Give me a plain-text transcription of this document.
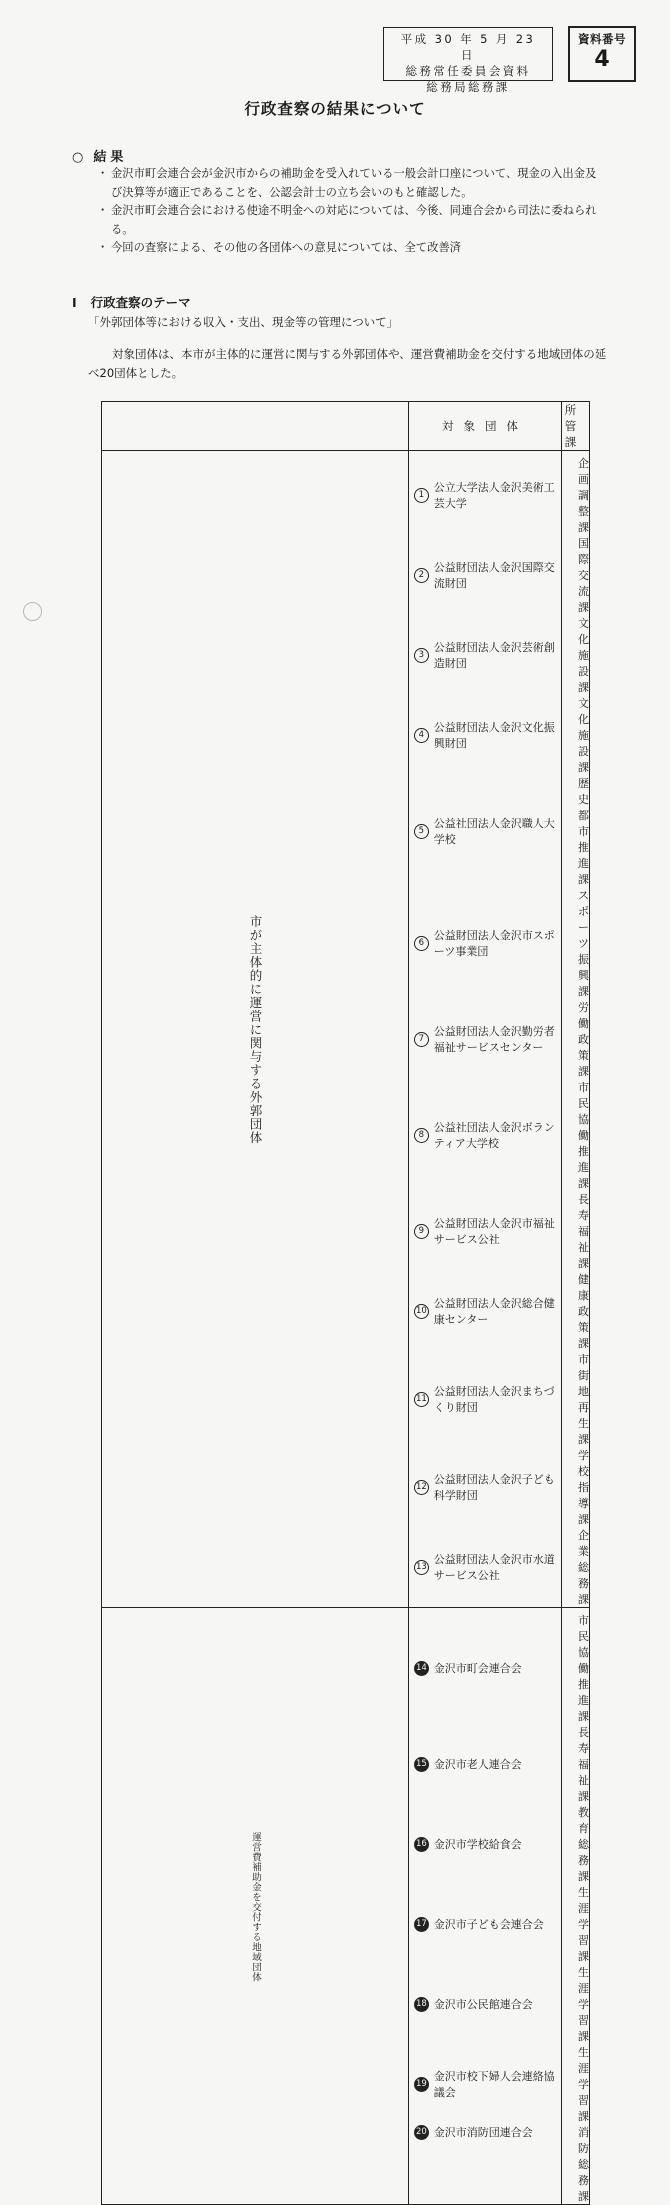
平成 30 年 5 月 23 日
総務常任委員会資料
総務局総務課
資料番号
4
行政査察の結果について
○ 結果
・ 金沢市町会連合会が金沢市からの補助金を受入れている一般会計口座について、現金の入出金及び決算等が適正であることを、公認会計士の立ち会いのもと確認した。
・ 金沢市町会連合会における使途不明金への対応については、今後、同連合会から司法に委ねられる。
・ 今回の査察による、その他の各団体への意見については、全て改善済
Ⅰ 行政査察のテーマ
「外郭団体等における収入・支出、現金等の管理について」
対象団体は、本市が主体的に運営に関与する外郭団体や、運営費補助金を交付する地域団体の延べ20団体とした。
	対象団体		所管課
市が主体的に運営に関与する外郭団体	1	公立大学法人金沢美術工芸大学	企画調整課
	2	公益財団法人金沢国際交流財団	国際交流課
	3	公益財団法人金沢芸術創造財団	文化施設課
	4	公益財団法人金沢文化振興財団	文化施設課
	5	公益社団法人金沢職人大学校	歴史都市推進課
	6	公益財団法人金沢市スポーツ事業団	スポーツ振興課
	7	公益財団法人金沢勤労者福祉サービスセンター	労働政策課
	8	公益社団法人金沢ボランティア大学校	市民協働推進課
	9	公益財団法人金沢市福祉サービス公社	長寿福祉課
	10	公益財団法人金沢総合健康センター	健康政策課
	11	公益財団法人金沢まちづくり財団	市街地再生課
	12	公益財団法人金沢子ども科学財団	学校指導課
	13	公益財団法人金沢市水道サービス公社	企業総務課
運営費補助金を交付する地域団体	14	金沢市町会連合会	市民協働推進課
	15	金沢市老人連合会	長寿福祉課
	16	金沢市学校給食会	教育総務課
	17	金沢市子ども会連合会	生涯学習課
	18	金沢市公民館連合会	生涯学習課
	19	金沢市校下婦人会連絡協議会	生涯学習課
	20	金沢市消防団連合会	消防総務課
